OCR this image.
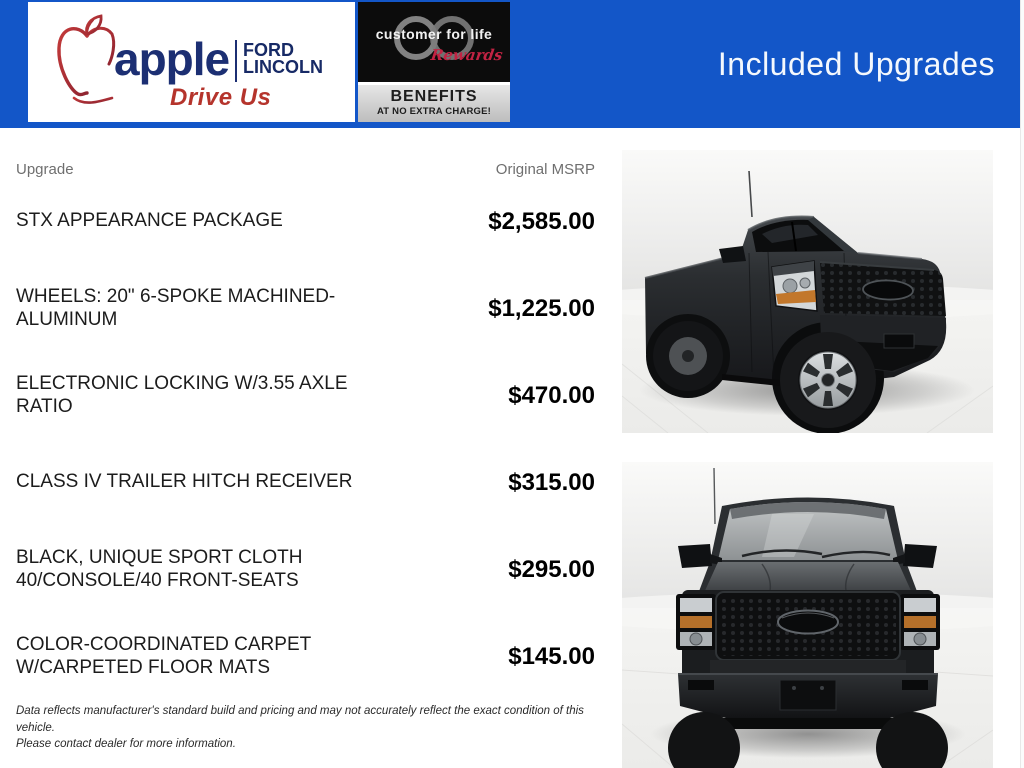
Included Upgrades
apple FORD
LINCOLN
Drive Us
customer for life
Rewards
BENEFITS
AT NO EXTRA CHARGE!
Upgrade	Original MSRP
STX APPEARANCE PACKAGE	$2,585.00
WHEELS: 20" 6-SPOKE MACHINED-ALUMINUM	$1,225.00
ELECTRONIC LOCKING W/3.55 AXLE RATIO	$470.00
CLASS IV TRAILER HITCH RECEIVER	$315.00
BLACK, UNIQUE SPORT CLOTH 40/CONSOLE/40 FRONT-SEATS	$295.00
COLOR-COORDINATED CARPET W/CARPETED FLOOR MATS	$145.00
Data reflects manufacturer's standard build and pricing and may not accurately reflect the exact condition of this vehicle.
Please contact dealer for more information.
